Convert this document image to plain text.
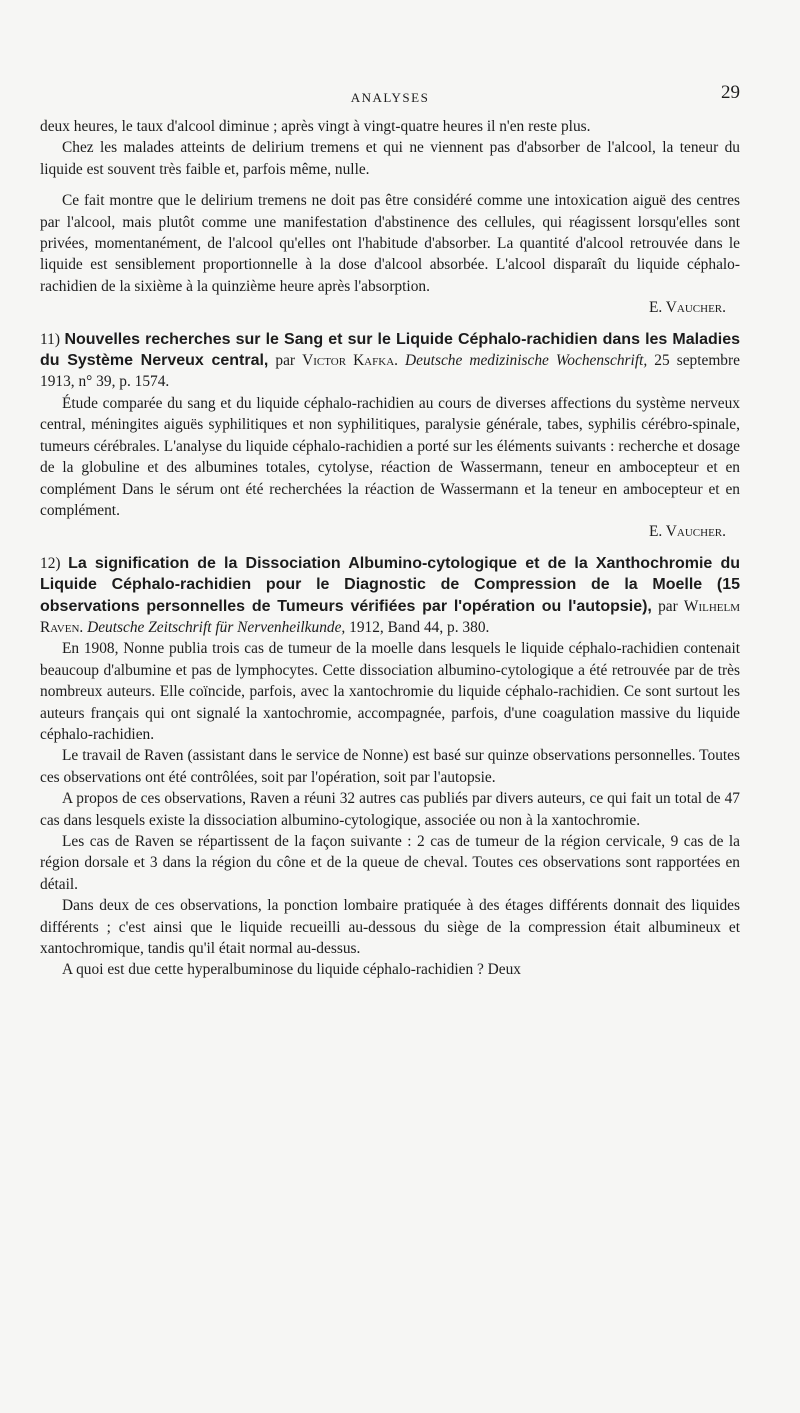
ANALYSES	29

deux heures, le taux d'alcool diminue ; après vingt à vingt-quatre heures il n'en reste plus.

Chez les malades atteints de delirium tremens et qui ne viennent pas d'absorber de l'alcool, la teneur du liquide est souvent très faible et, parfois même, nulle.

Ce fait montre que le delirium tremens ne doit pas être considéré comme une intoxication aiguë des centres par l'alcool, mais plutôt comme une manifestation d'abstinence des cellules, qui réagissent lorsqu'elles sont privées, momentanément, de l'alcool qu'elles ont l'habitude d'absorber. La quantité d'alcool retrouvée dans le liquide est sensiblement proportionnelle à la dose d'alcool absorbée. L'alcool disparaît du liquide céphalo-rachidien de la sixième à la quinzième heure après l'absorption.

E. Vaucher.

11) Nouvelles recherches sur le Sang et sur le Liquide Céphalo-rachidien dans les Maladies du Système Nerveux central, par Victor Kafka. Deutsche medizinische Wochenschrift, 25 septembre 1913, n° 39, p. 1574.

Étude comparée du sang et du liquide céphalo-rachidien au cours de diverses affections du système nerveux central, méningites aiguës syphilitiques et non syphilitiques, paralysie générale, tabes, syphilis cérébro-spinale, tumeurs cérébrales. L'analyse du liquide céphalo-rachidien a porté sur les éléments suivants : recherche et dosage de la globuline et des albumines totales, cytolyse, réaction de Wassermann, teneur en ambocepteur et en complément Dans le sérum ont été recherchées la réaction de Wassermann et la teneur en ambocepteur et en complément.

E. Vaucher.

12) La signification de la Dissociation Albumino-cytologique et de la Xanthochromie du Liquide Céphalo-rachidien pour le Diagnostic de Compression de la Moelle (15 observations personnelles de Tumeurs vérifiées par l'opération ou l'autopsie), par Wilhelm Raven. Deutsche Zeitschrift für Nervenheilkunde, 1912, Band 44, p. 380.

En 1908, Nonne publia trois cas de tumeur de la moelle dans lesquels le liquide céphalo-rachidien contenait beaucoup d'albumine et pas de lymphocytes. Cette dissociation albumino-cytologique a été retrouvée par de très nombreux auteurs. Elle coïncide, parfois, avec la xantochromie du liquide céphalo-rachidien. Ce sont surtout les auteurs français qui ont signalé la xantochromie, accompagnée, parfois, d'une coagulation massive du liquide céphalo-rachidien.

Le travail de Raven (assistant dans le service de Nonne) est basé sur quinze observations personnelles. Toutes ces observations ont été contrôlées, soit par l'opération, soit par l'autopsie.

A propos de ces observations, Raven a réuni 32 autres cas publiés par divers auteurs, ce qui fait un total de 47 cas dans lesquels existe la dissociation albumino-cytologique, associée ou non à la xantochromie.

Les cas de Raven se répartissent de la façon suivante : 2 cas de tumeur de la région cervicale, 9 cas de la région dorsale et 3 dans la région du cône et de la queue de cheval. Toutes ces observations sont rapportées en détail.

Dans deux de ces observations, la ponction lombaire pratiquée à des étages différents donnait des liquides différents ; c'est ainsi que le liquide recueilli au-dessous du siège de la compression était albumineux et xantochromique, tandis qu'il était normal au-dessus.

A quoi est due cette hyperalbuminose du liquide céphalo-rachidien ? Deux
